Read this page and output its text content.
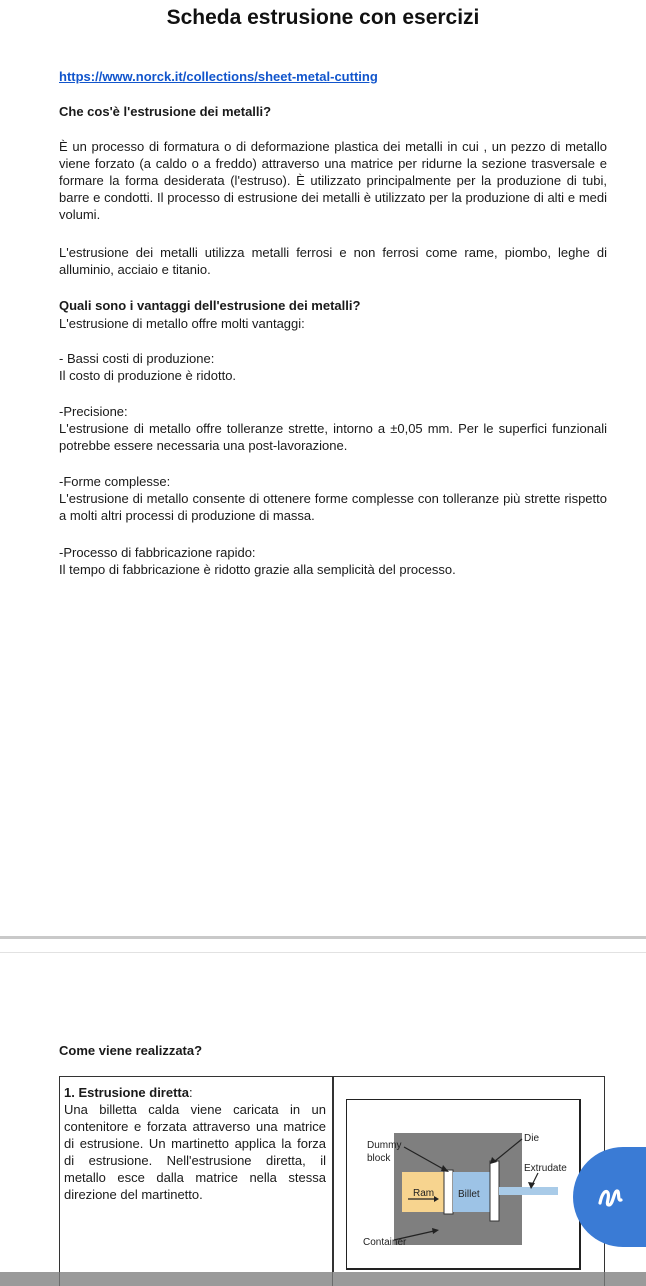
Scheda estrusione con esercizi
https://www.norck.it/collections/sheet-metal-cutting
Che cos'è l'estrusione dei metalli?
È un processo di formatura o di deformazione plastica dei metalli in cui , un pezzo di metallo viene forzato (a caldo o a freddo) attraverso una matrice per ridurne la sezione trasversale e formare la forma desiderata (l'estruso). È utilizzato principalmente per la produzione di tubi, barre e condotti. Il processo di estrusione dei metalli è utilizzato per la produzione di alti e medi volumi.
L'estrusione dei metalli utilizza metalli ferrosi e non ferrosi come rame, piombo, leghe di alluminio, acciaio e titanio.
Quali sono i vantaggi dell'estrusione dei metalli?
L'estrusione di metallo offre molti vantaggi:
- Bassi costi di produzione:
Il costo di produzione è ridotto.
-Precisione:
L'estrusione di metallo offre tolleranze strette, intorno a ±0,05 mm. Per le superfici funzionali potrebbe essere necessaria una post-lavorazione.
-Forme complesse:
L'estrusione di metallo consente di ottenere forme complesse con tolleranze più strette rispetto a molti altri processi di produzione di massa.
-Processo di fabbricazione rapido:
Il tempo di fabbricazione è ridotto grazie alla semplicità del processo.
Come viene realizzata?
1. Estrusione diretta:
Una billetta calda viene caricata in un contenitore e forzata attraverso una matrice di estrusione. Un martinetto applica la forza di estrusione. Nell'estrusione diretta, il metallo esce dalla matrice nella stessa direzione del martinetto.
Dummy
block
Die
Extrudate
Ram Billet
Container
